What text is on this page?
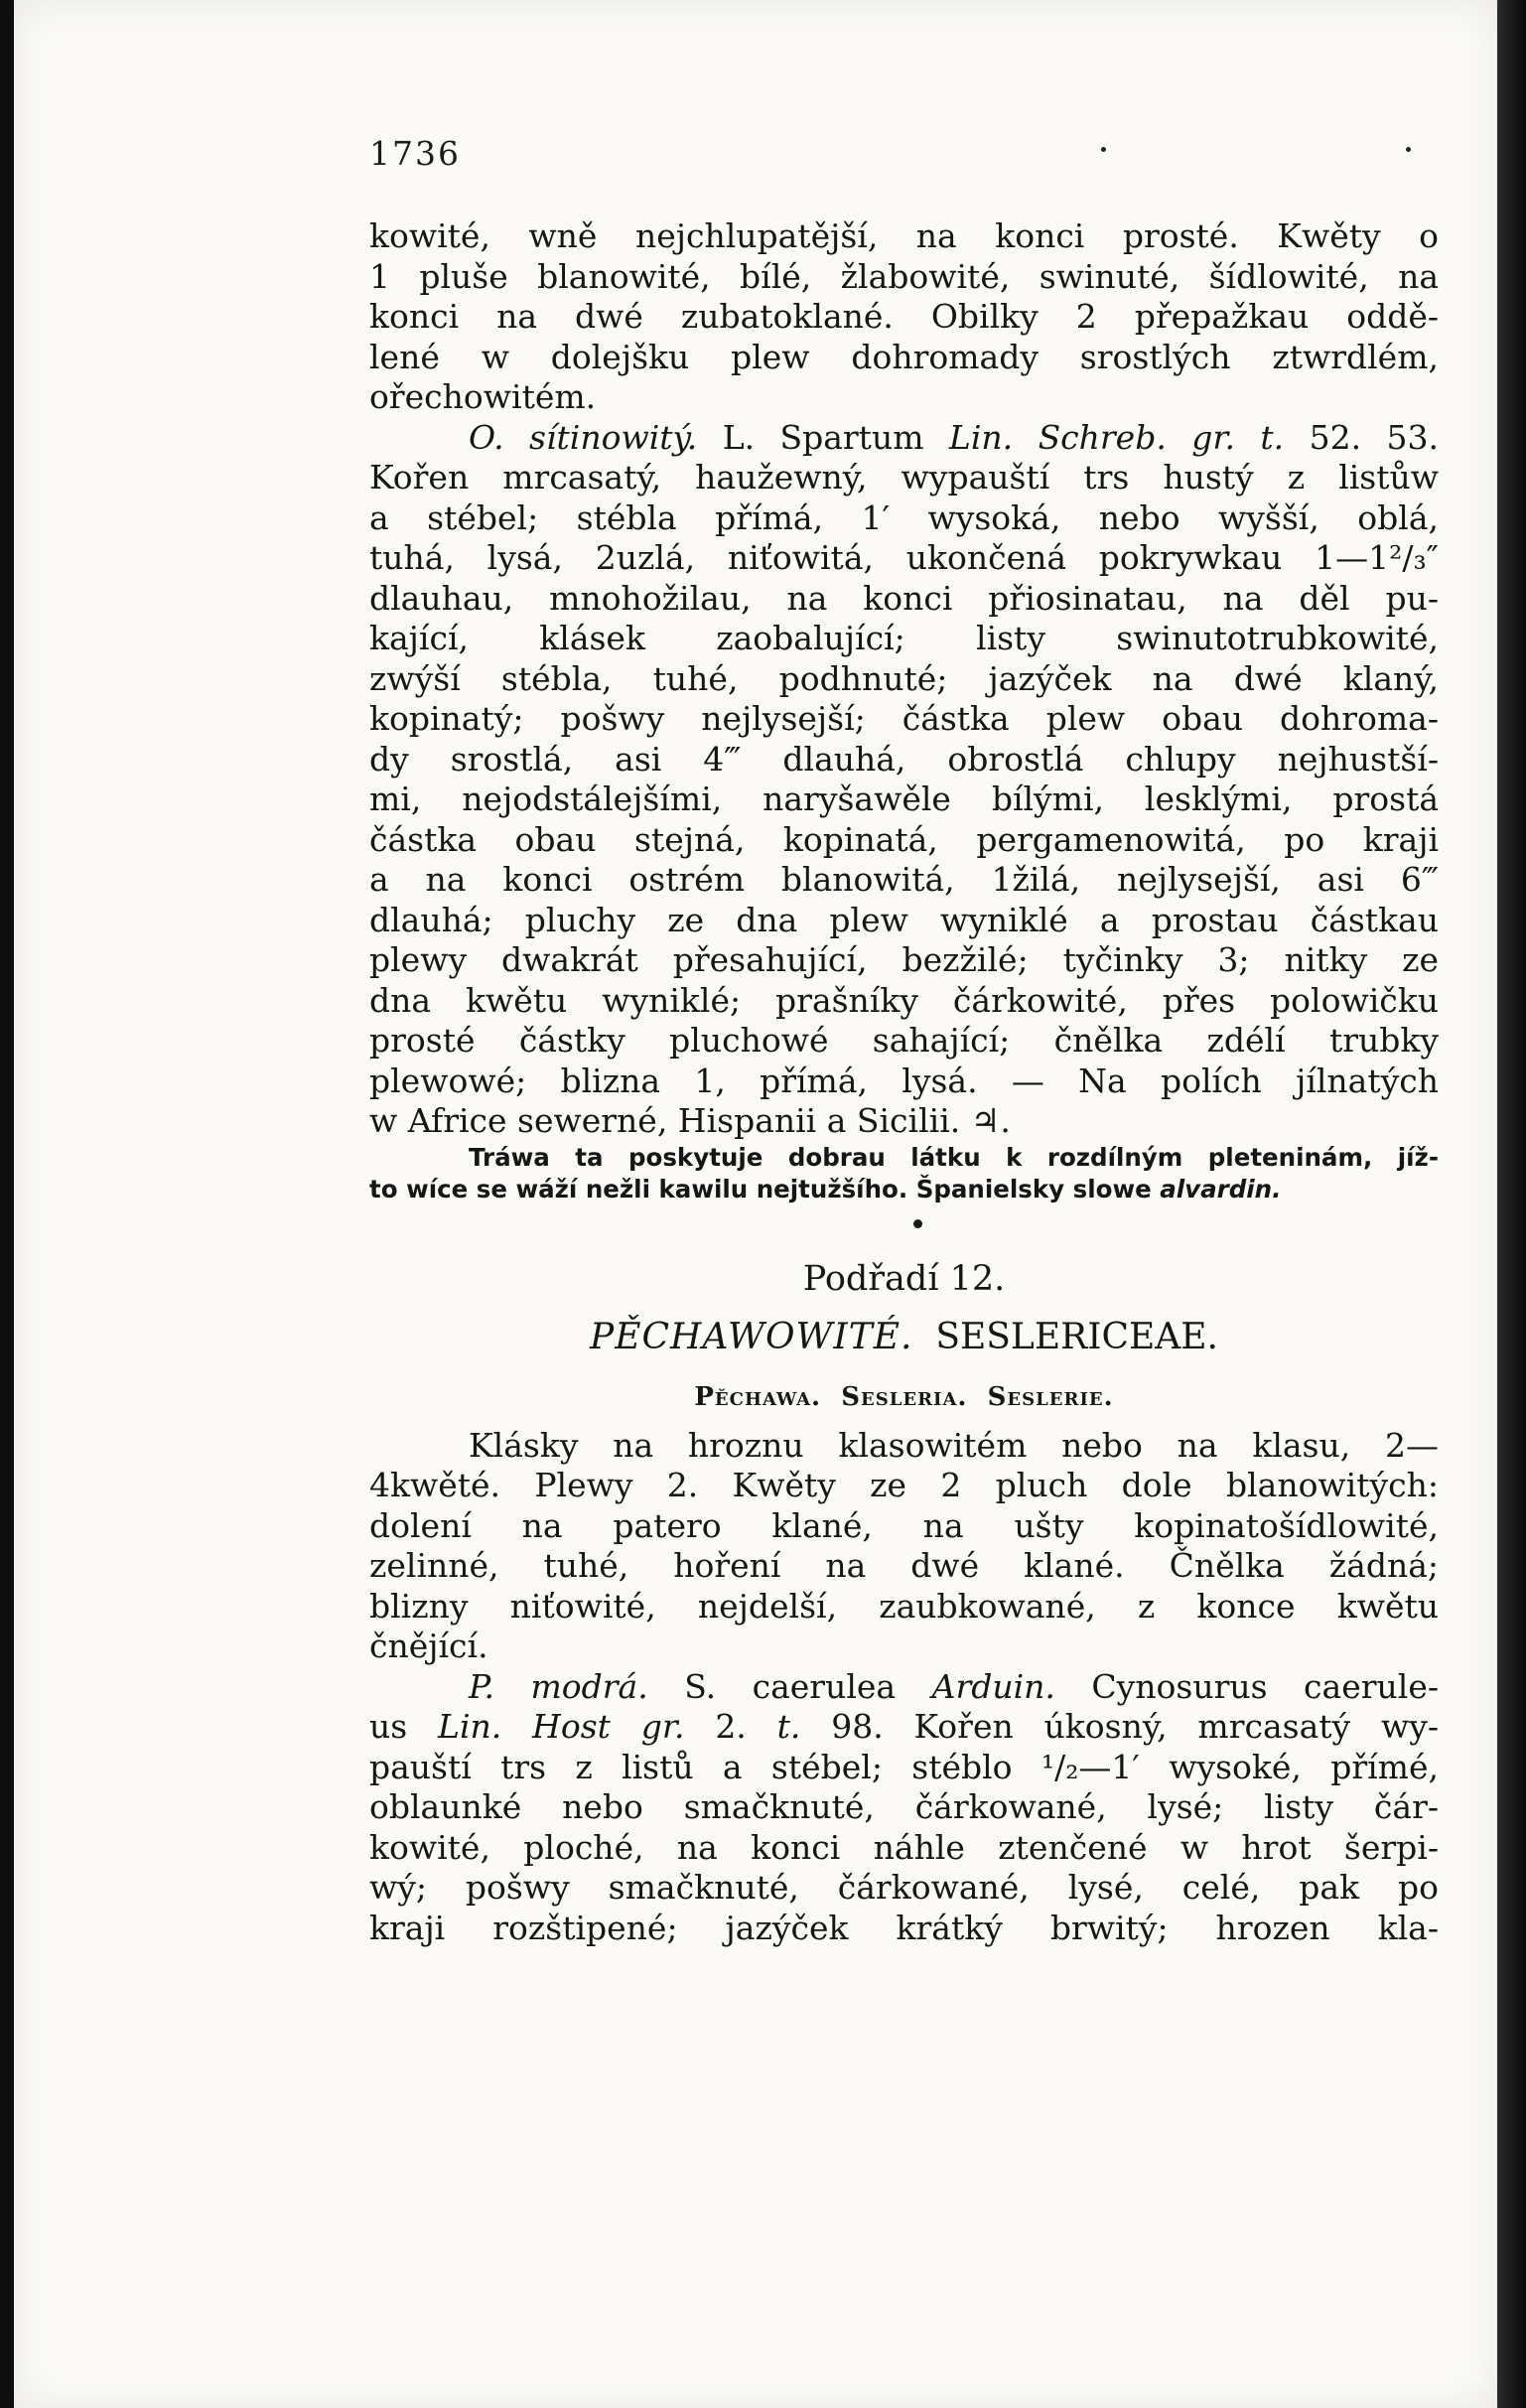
1736
kowité, wně nejchlupatější, na konci prosté. Kwěty o
1 pluše blanowité, bílé, žlabowité, swinuté, šídlowité, na
konci na dwé zubatoklané. Obilky 2 přepažkau oddě-
lené w dolejšku plew dohromady srostlých ztwrdlém,
ořechowitém.
O. sítinowitý. L. Spartum Lin. Schreb. gr. t. 52. 53.
Kořen mrcasatý, haužewný, wypauští trs hustý z listůw
a stébel; stébla přímá, 1′ wysoká, nebo wyšší, oblá,
tuhá, lysá, 2uzlá, niťowitá, ukončená pokrywkau 1—1²/₃″
dlauhau, mnohožilau, na konci přiosinatau, na děl pu-
kající, klásek zaobalující; listy swinutotrubkowité,
zwýší stébla, tuhé, podhnuté; jazýček na dwé klaný,
kopinatý; pošwy nejlysejší; částka plew obau dohroma-
dy srostlá, asi 4‴ dlauhá, obrostlá chlupy nejhustší-
mi, nejodstálejšími, naryšawěle bílými, lesklými, prostá
částka obau stejná, kopinatá, pergamenowitá, po kraji
a na konci ostrém blanowitá, 1žilá, nejlysejší, asi 6‴
dlauhá; pluchy ze dna plew wyniklé a prostau částkau
plewy dwakrát přesahující, bezžilé; tyčinky 3; nitky ze
dna kwětu wyniklé; prašníky čárkowité, přes polowičku
prosté částky pluchowé sahající; čnělka zdélí trubky
plewowé; blizna 1, přímá, lysá. — Na polích jílnatých
w Africe sewerné, Hispanii a Sicilii. ♃.
Tráwa ta poskytuje dobrau látku k rozdílným pleteninám, jíž-
to wíce se wáží nežli kawilu nejtužšího. Španielsky slowe alvardin.
Podřadí 12.
PĚCHAWOWITÉ. SESLERICEAE.
Pěchawa. Sesleria. Seslerie.
Klásky na hroznu klasowitém nebo na klasu, 2—
4kwěté. Plewy 2. Kwěty ze 2 pluch dole blanowitých:
dolení na patero klané, na ušty kopinatošídlowité,
zelinné, tuhé, hoření na dwé klané. Čnělka žádná;
blizny niťowité, nejdelší, zaubkowané, z konce kwětu
čnějící.
P. modrá. S. caerulea Arduin. Cynosurus caerule-
us Lin. Host gr. 2. t. 98. Kořen úkosný, mrcasatý wy-
pauští trs z listů a stébel; stéblo ¹/₂—1′ wysoké, přímé,
oblaunké nebo smačknuté, čárkowané, lysé; listy čár-
kowité, ploché, na konci náhle ztenčené w hrot šerpi-
wý; pošwy smačknuté, čárkowané, lysé, celé, pak po
kraji rozštipené; jazýček krátký brwitý; hrozen kla-
